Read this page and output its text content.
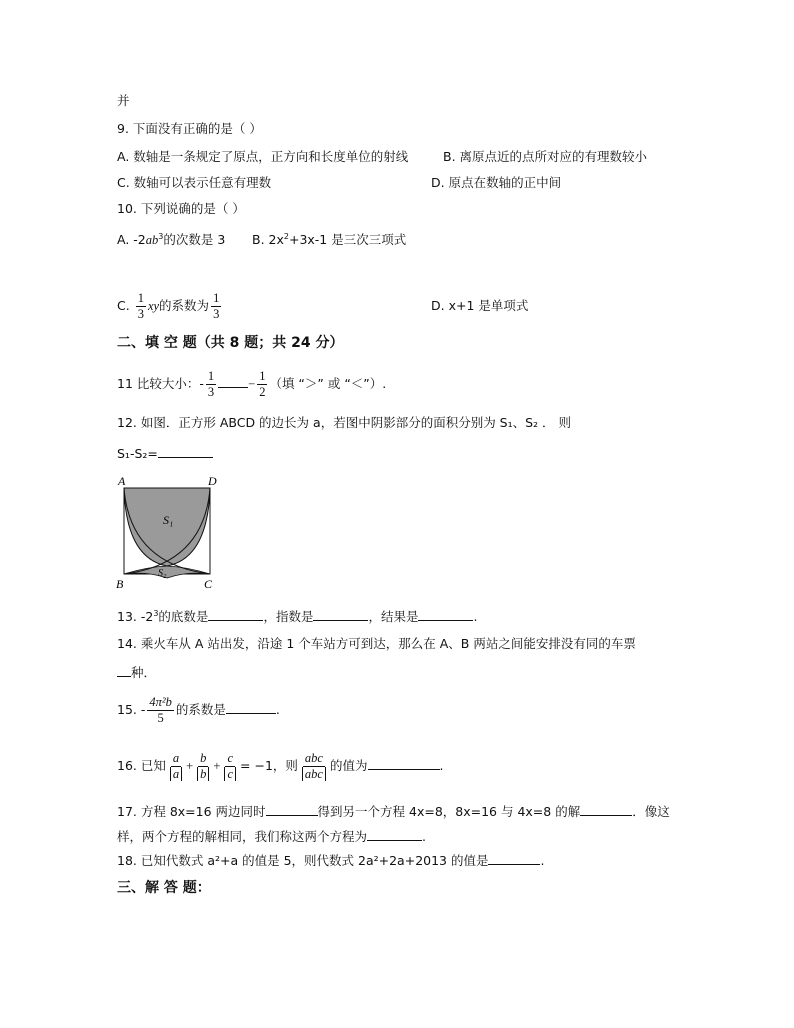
并
9. 下面没有正确的是（ ）
A. 数轴是一条规定了原点，正方向和长度单位的射线	B. 离原点近的点所对应的有理数较小
C. 数轴可以表示任意有理数	D. 原点在数轴的正中间
10. 下列说确的是（ ）
A. $-2ab^3$的次数是 3 B. $2x^2+3x-1$ 是三次三项式
C. $\frac{1}{3}$ xy的系数为 $\frac{1}{3}$	D. x+1 是单项式
二、填 空 题（共 8 题；共 24 分）
11 比较大小：- $\frac{1}{3}$	− $\frac{1}{2}$ （填 “＞” 或 “＜”）.
12. 如图．正方形 ABCD 的边长为 a，若图中阴影部分的面积分别为 S₁、S₂ ． 则
S₁-S₂=
A	D
B	C
S₁
S₂
13. $-2^3$的底数是	，指数是	，结果是	.
14. 乘火车从 A 站出发，沿途 1 个车站方可到达，那么在 A、B 两站之间能安排没有同的车票
种．
15. - $\frac{\text{4π²b}}{5}$ 的系数是	.
16. 已知 $\frac{a}{a} + \frac{b}{b} + \frac{c}{c} = -1$，则 $\frac{\text{abc}}{\text{abc}}$ 的值为	.
17. 方程 8x=16 两边同时	得到另一个方程 4x=8，8x=16 与 4x=8 的解	．像这
样，两个方程的解相同，我们称这两个方程为	.
18. 已知代数式 a²+a 的值是 5，则代数式 2a²+2a+2013 的值是	.
三、解 答 题：
